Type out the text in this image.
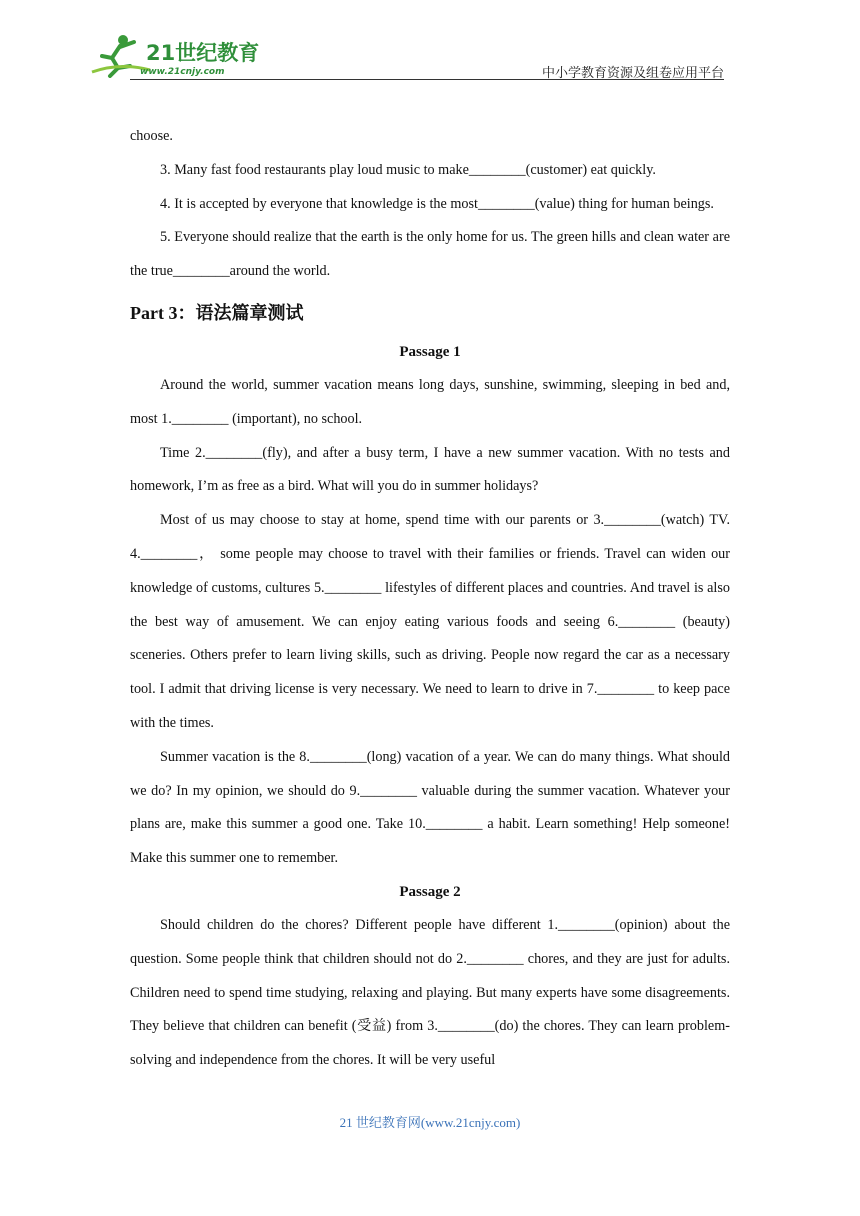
21世纪教育
www.21cnjy.com	中小学教育资源及组卷应用平台
choose.
3. Many fast food restaurants play loud music to make________(customer) eat quickly.
4. It is accepted by everyone that knowledge is the most________(value) thing for human beings.
5. Everyone should realize that the earth is the only home for us. The green hills and clean water are the true________around the world.
Part 3：语法篇章测试
Passage 1
Around the world, summer vacation means long days, sunshine, swimming, sleeping in bed and, most 1.________ (important), no school.
Time 2.________(fly), and after a busy term, I have a new summer vacation. With no tests and homework, I’m as free as a bird. What will you do in summer holidays?
Most of us may choose to stay at home, spend time with our parents or 3.________(watch) TV. 4.________， some people may choose to travel with their families or friends. Travel can widen our knowledge of customs, cultures 5.________ lifestyles of different places and countries. And travel is also the best way of amusement. We can enjoy eating various foods and seeing 6.________ (beauty) sceneries. Others prefer to learn living skills, such as driving. People now regard the car as a necessary tool. I admit that driving license is very necessary. We need to learn to drive in 7.________ to keep pace with the times.
Summer vacation is the 8.________(long) vacation of a year. We can do many things. What should we do? In my opinion, we should do 9.________ valuable during the summer vacation. Whatever your plans are, make this summer a good one. Take 10.________ a habit. Learn something! Help someone! Make this summer one to remember.
Passage 2
Should children do the chores? Different people have different 1.________(opinion) about the question. Some people think that children should not do 2.________ chores, and they are just for adults. Children need to spend time studying, relaxing and playing. But many experts have some disagreements. They believe that children can benefit (受益) from 3.________(do) the chores. They can learn problem-solving and independence from the chores. It will be very useful
21 世纪教育网(www.21cnjy.com)
